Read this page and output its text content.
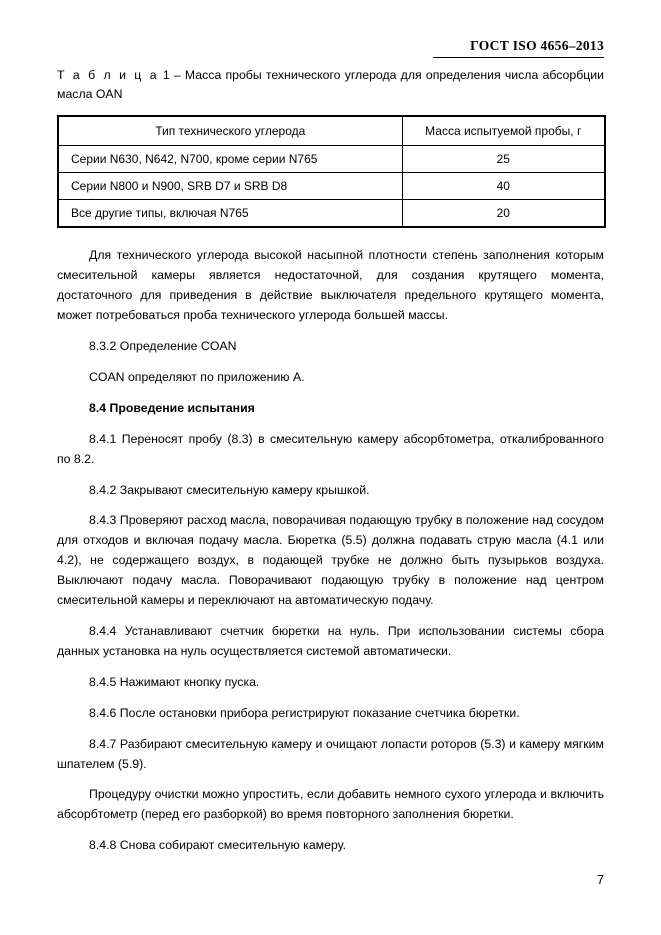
ГОСТ ISO 4656–2013

Т а б л и ц а 1 – Масса пробы технического углерода для определения числа абсорбции масла OAN

Тип технического углерода	Масса испытуемой пробы, г
Серии N630, N642, N700, кроме серии N765	25
Серии N800 и N900, SRB D7 и SRB D8	40
Все другие типы, включая N765	20

Для технического углерода высокой насыпной плотности степень заполнения которым смесительной камеры является недостаточной, для создания крутящего момента, достаточного для приведения в действие выключателя предельного крутящего момента, может потребоваться проба технического углерода большей массы.

8.3.2 Определение COAN

COAN определяют по приложению А.

8.4 Проведение испытания

8.4.1 Переносят пробу (8.3) в смесительную камеру абсорбтометра, откалиброванного по 8.2.

8.4.2 Закрывают смесительную камеру крышкой.

8.4.3 Проверяют расход масла, поворачивая подающую трубку в положение над сосудом для отходов и включая подачу масла. Бюретка (5.5) должна подавать струю масла (4.1 или 4.2), не содержащего воздух, в подающей трубке не должно быть пузырьков воздуха. Выключают подачу масла. Поворачивают подающую трубку в положение над центром смесительной камеры и переключают на автоматическую подачу.

8.4.4 Устанавливают счетчик бюретки на нуль. При использовании системы сбора данных установка на нуль осуществляется системой автоматически.

8.4.5 Нажимают кнопку пуска.

8.4.6 После остановки прибора регистрируют показание счетчика бюретки.

8.4.7 Разбирают смесительную камеру и очищают лопасти роторов (5.3) и камеру мягким шпателем (5.9).

Процедуру очистки можно упростить, если добавить немного сухого углерода и включить абсорбтометр (перед его разборкой) во время повторного заполнения бюретки.

8.4.8 Снова собирают смесительную камеру.

7
